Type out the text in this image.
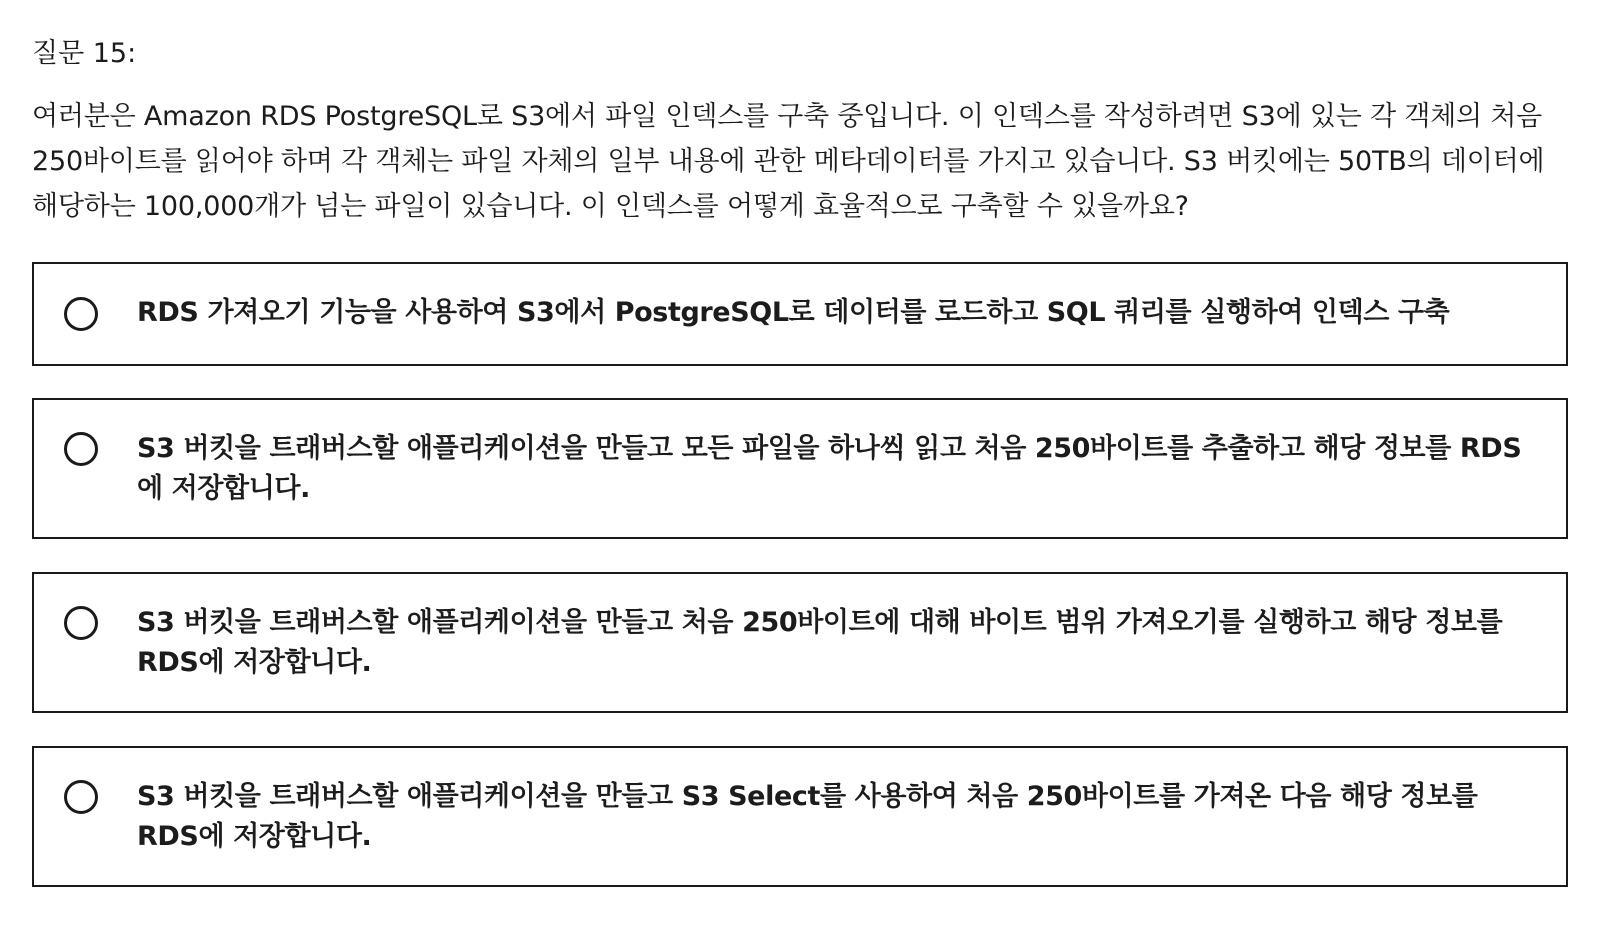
질문 15:

여러분은 Amazon RDS PostgreSQL로 S3에서 파일 인덱스를 구축 중입니다. 이 인덱스를 작성하려면 S3에 있는 각 객체의 처음 250바이트를 읽어야 하며 각 객체는 파일 자체의 일부 내용에 관한 메타데이터를 가지고 있습니다. S3 버킷에는 50TB의 데이터에 해당하는 100,000개가 넘는 파일이 있습니다. 이 인덱스를 어떻게 효율적으로 구축할 수 있을까요?

RDS 가져오기 기능을 사용하여 S3에서 PostgreSQL로 데이터를 로드하고 SQL 쿼리를 실행하여 인덱스 구축
S3 버킷을 트래버스할 애플리케이션을 만들고 모든 파일을 하나씩 읽고 처음 250바이트를 추출하고 해당 정보를 RDS에 저장합니다.
S3 버킷을 트래버스할 애플리케이션을 만들고 처음 250바이트에 대해 바이트 범위 가져오기를 실행하고 해당 정보를 RDS에 저장합니다.
S3 버킷을 트래버스할 애플리케이션을 만들고 S3 Select를 사용하여 처음 250바이트를 가져온 다음 해당 정보를 RDS에 저장합니다.
